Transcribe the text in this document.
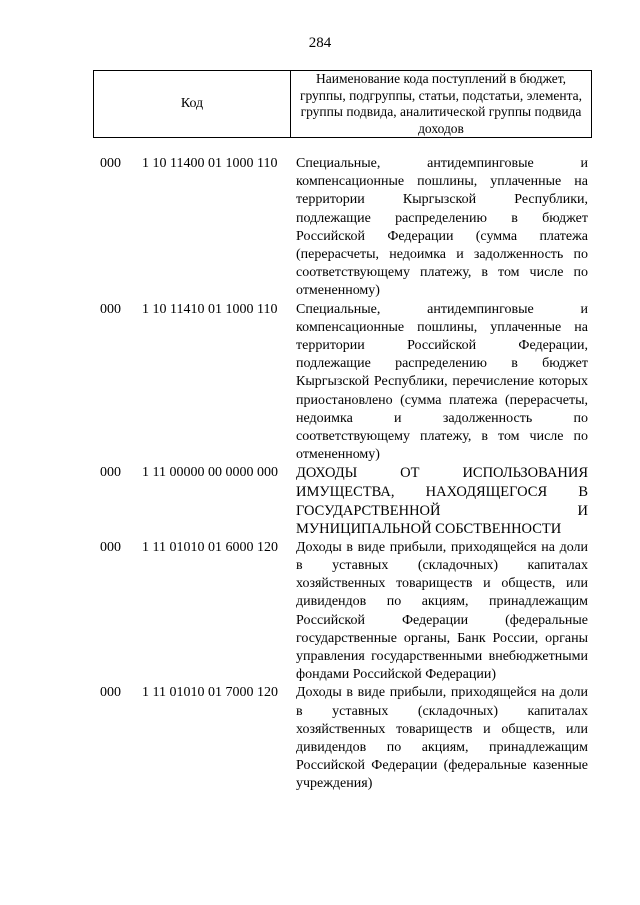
284
Код
Наименование кода поступлений в бюджет, группы, подгруппы, статьи, подстатьи, элемента, группы подвида, аналитической группы подвида доходов
000 1 10 11400 01 1000 110 Специальные, антидемпинговые и компенсационные пошлины, уплаченные на территории Кыргызской Республики, подлежащие распределению в бюджет Российской Федерации (сумма платежа (перерасчеты, недоимка и задолженность по соответствующему платежу, в том числе по отмененному)
000 1 10 11410 01 1000 110 Специальные, антидемпинговые и компенсационные пошлины, уплаченные на территории Российской Федерации, подлежащие распределению в бюджет Кыргызской Республики, перечисление которых приостановлено (сумма платежа (перерасчеты, недоимка и задолженность по соответствующему платежу, в том числе по отмененному)
000 1 11 00000 00 0000 000 ДОХОДЫ ОТ ИСПОЛЬЗОВАНИЯ ИМУЩЕСТВА, НАХОДЯЩЕГОСЯ В ГОСУДАРСТВЕННОЙ И МУНИЦИПАЛЬНОЙ СОБСТВЕННОСТИ
000 1 11 01010 01 6000 120 Доходы в виде прибыли, приходящейся на доли в уставных (складочных) капиталах хозяйственных товариществ и обществ, или дивидендов по акциям, принадлежащим Российской Федерации (федеральные государственные органы, Банк России, органы управления государственными внебюджетными фондами Российской Федерации)
000 1 11 01010 01 7000 120 Доходы в виде прибыли, приходящейся на доли в уставных (складочных) капиталах хозяйственных товариществ и обществ, или дивидендов по акциям, принадлежащим Российской Федерации (федеральные казенные учреждения)
